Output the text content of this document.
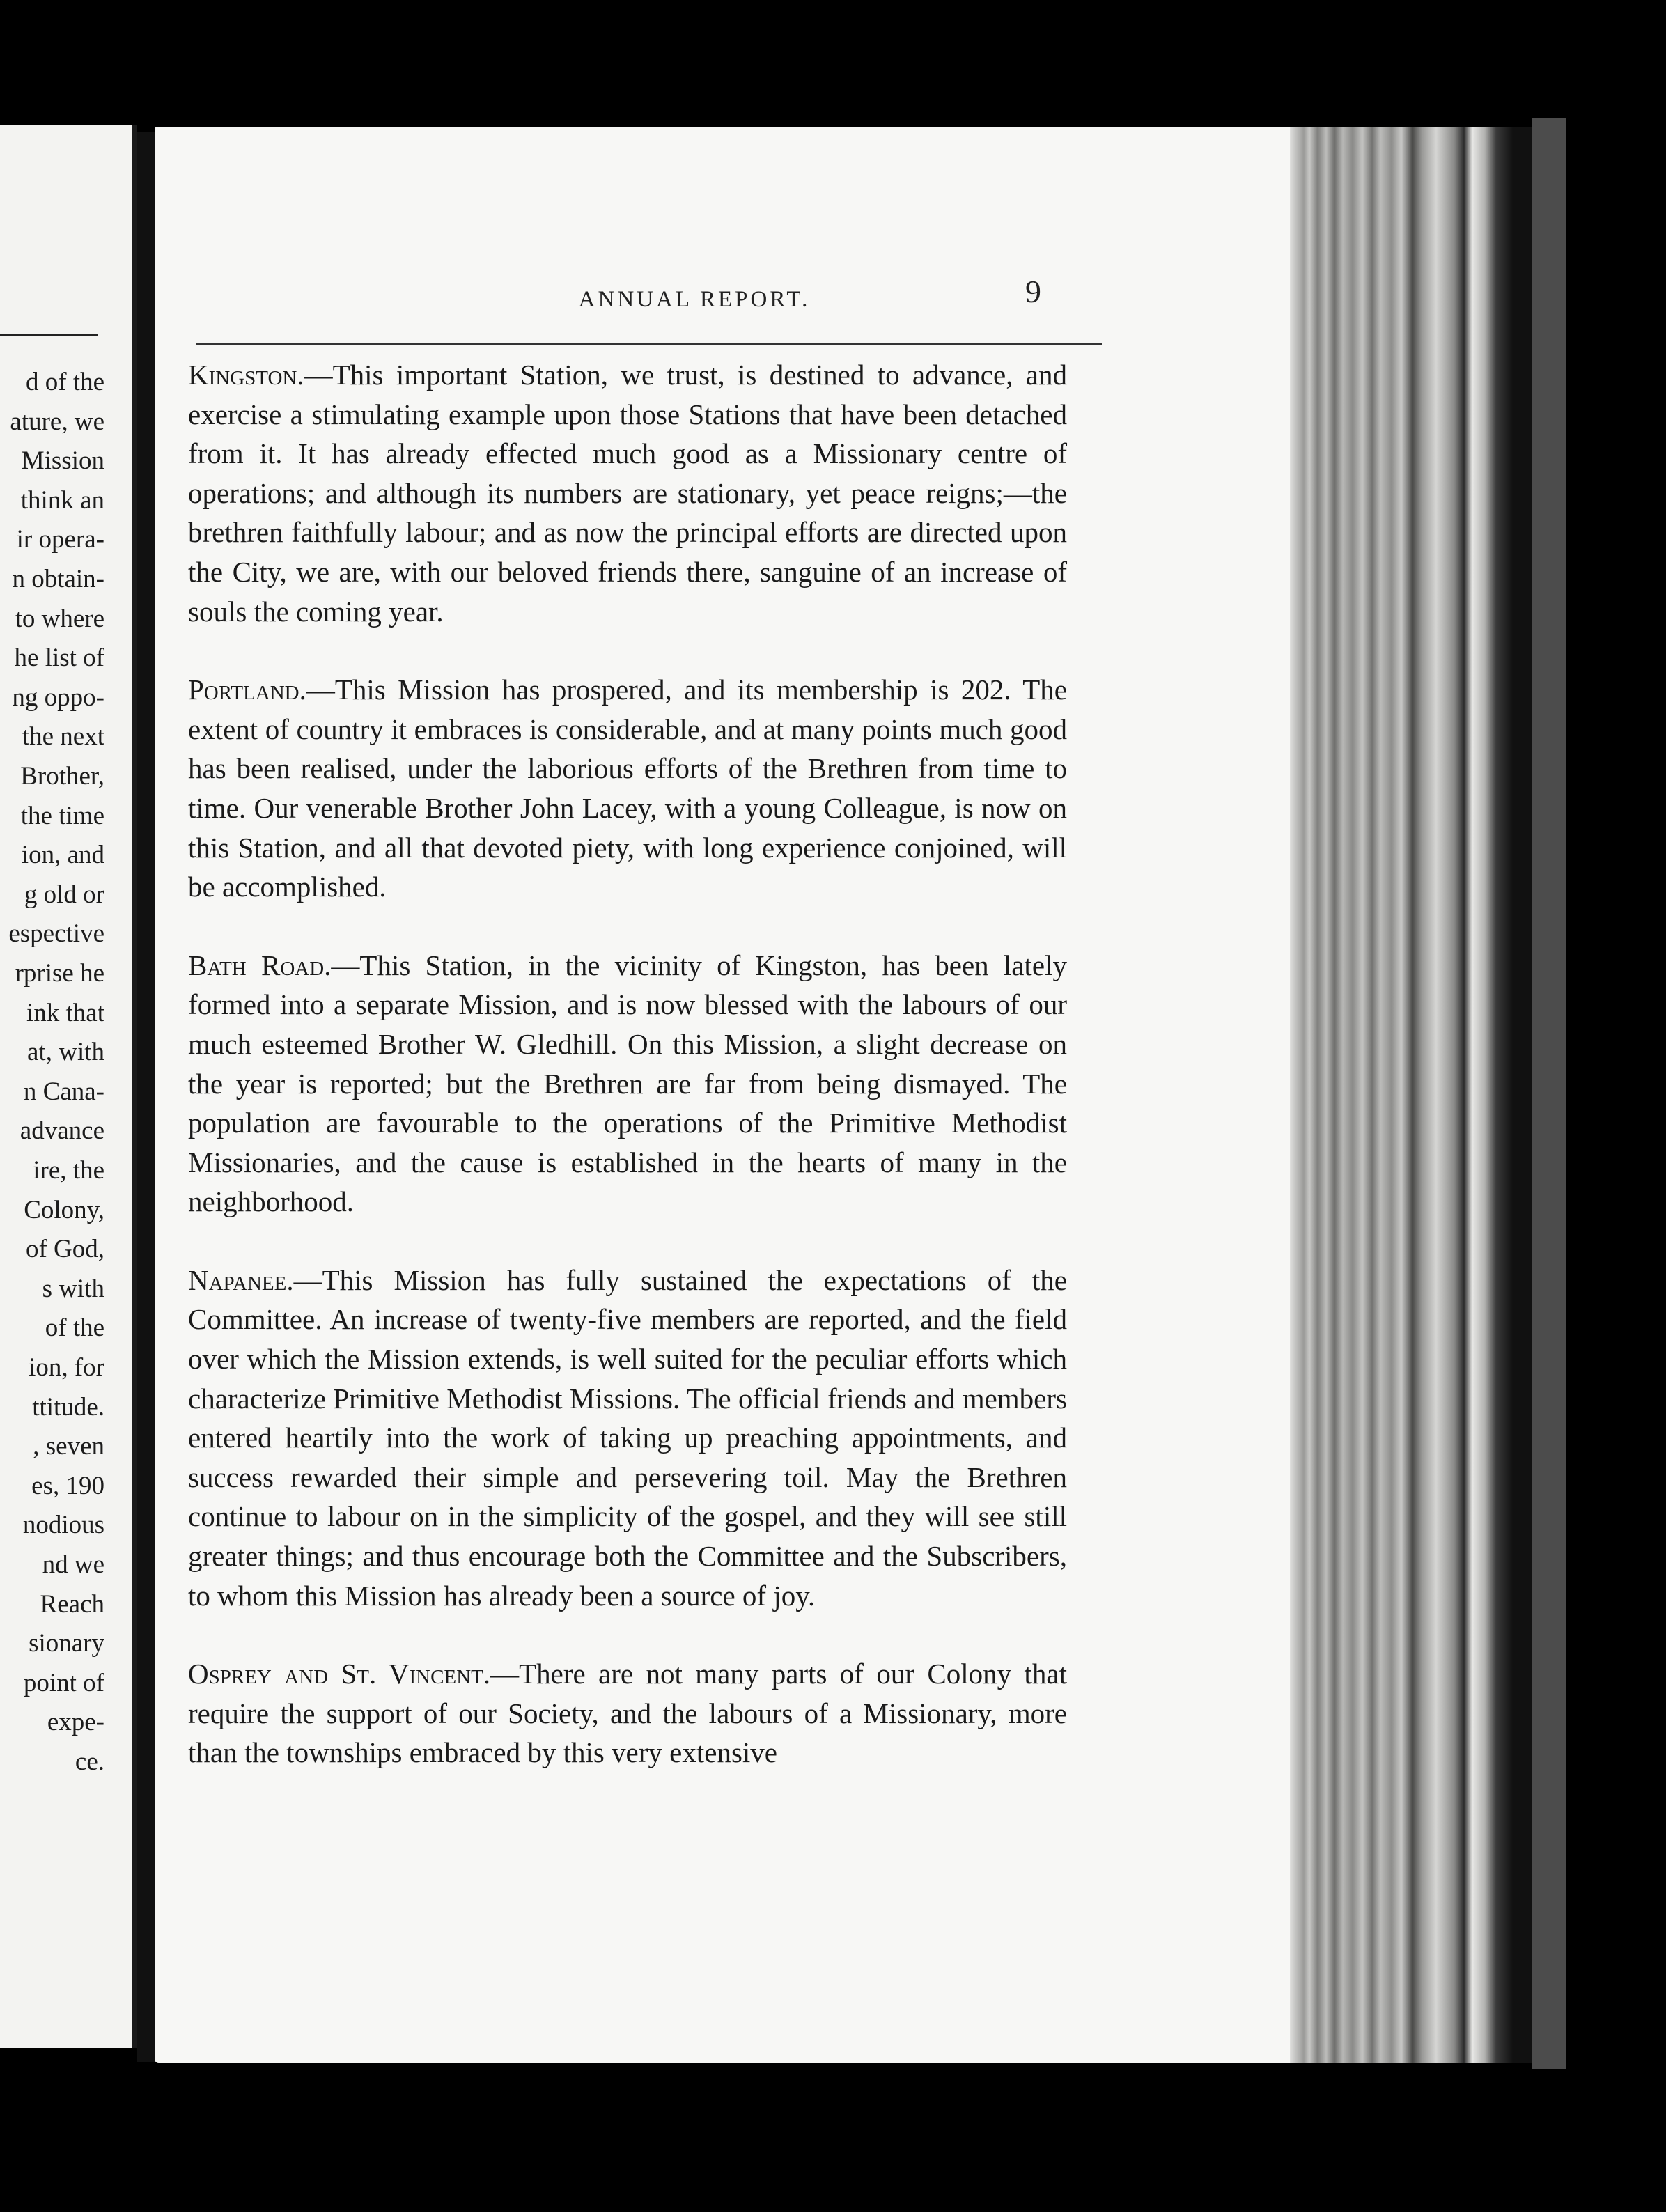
d of the
ature, we
Mission
think an
ir opera-
n obtain-
to where
he list of
ng oppo-
the next
Brother,
the time
ion, and
g old or
espective
rprise he
ink that
at, with
n Cana-
advance
ire, the
Colony,
of God,
s with
of the
ion, for
ttitude.
, seven
es, 190
nodious
nd we
Reach
sionary
point of
expe-
ce.
ANNUAL REPORT.	9

Kingston.—This important Station, we trust, is destined to advance, and exercise a stimulating example upon those Stations that have been detached from it. It has already effected much good as a Missionary centre of operations; and although its numbers are stationary, yet peace reigns;—the brethren faithfully labour; and as now the principal efforts are directed upon the City, we are, with our beloved friends there, sanguine of an increase of souls the coming year.

Portland.—This Mission has prospered, and its membership is 202. The extent of country it embraces is considerable, and at many points much good has been realised, under the laborious efforts of the Brethren from time to time. Our venerable Brother John Lacey, with a young Colleague, is now on this Station, and all that devoted piety, with long experience conjoined, will be accomplished.

Bath Road.—This Station, in the vicinity of Kingston, has been lately formed into a separate Mission, and is now blessed with the labours of our much esteemed Brother W. Gledhill. On this Mission, a slight decrease on the year is reported; but the Brethren are far from being dismayed. The population are favourable to the operations of the Primitive Methodist Missionaries, and the cause is established in the hearts of many in the neighborhood.

Napanee.—This Mission has fully sustained the expectations of the Committee. An increase of twenty-five members are reported, and the field over which the Mission extends, is well suited for the peculiar efforts which characterize Primitive Methodist Missions. The official friends and members entered heartily into the work of taking up preaching appointments, and success rewarded their simple and persevering toil. May the Brethren continue to labour on in the simplicity of the gospel, and they will see still greater things; and thus encourage both the Committee and the Subscribers, to whom this Mission has already been a source of joy.

Osprey and St. Vincent.—There are not many parts of our Colony that require the support of our Society, and the labours of a Missionary, more than the townships embraced by this very extensive
